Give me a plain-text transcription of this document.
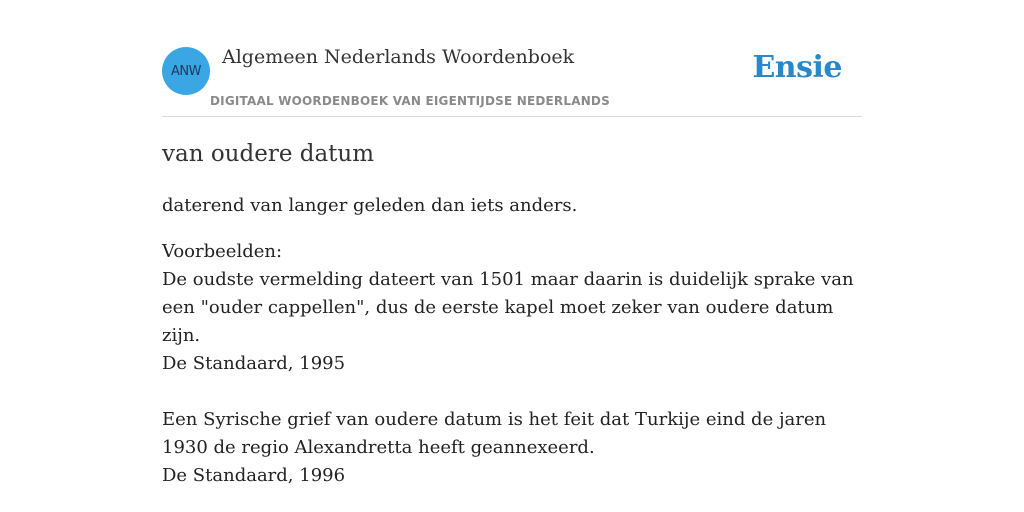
ANW
Algemeen Nederlands Woordenboek
DIGITAAL WOORDENBOEK VAN EIGENTIJDSE NEDERLANDS
Ensie
van oudere datum
daterend van langer geleden dan iets anders.
Voorbeelden:
De oudste vermelding dateert van 1501 maar daarin is duidelijk sprake van een "ouder cappellen", dus de eerste kapel moet zeker van oudere datum zijn.
De Standaard, 1995
Een Syrische grief van oudere datum is het feit dat Turkije eind de jaren 1930 de regio Alexandretta heeft geannexeerd.
De Standaard, 1996
